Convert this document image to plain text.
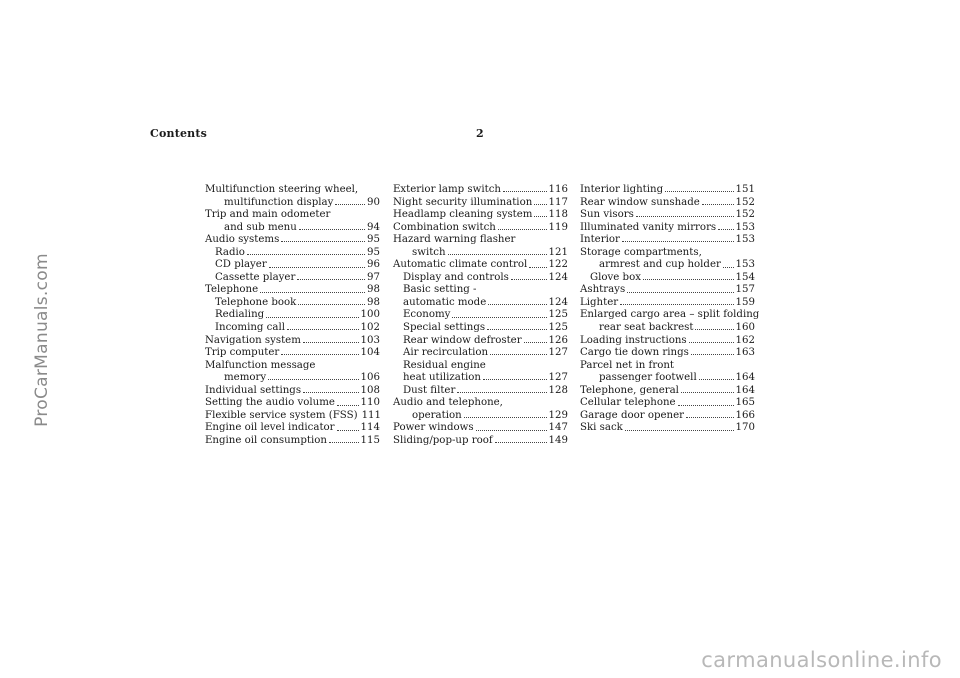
Contents	2
ProCarManuals.com
carmanualsonline.info
Multifunction steering wheel,
multifunction display	90
Trip and main odometer
and sub menu	94
Audio systems	95
Radio	95
CD player	96
Cassette player	97
Telephone	98
Telephone book	98
Redialing	100
Incoming call	102
Navigation system	103
Trip computer	104
Malfunction message
memory	106
Individual settings	108
Setting the audio volume	110
Flexible service system (FSS) 111
Engine oil level indicator	114
Engine oil consumption	115
Exterior lamp switch	116
Night security illumination 117
Headlamp cleaning system 118
Combination switch	119
Hazard warning flasher
switch	121
Automatic climate control 122
Display and controls	124
Basic setting -
automatic mode	124
Economy	125
Special settings	125
Rear window defroster	126
Air recirculation	127
Residual engine
heat utilization	127
Dust filter	128
Audio and telephone,
operation	129
Power windows	147
Sliding/pop-up roof	149
Interior lighting	151
Rear window sunshade	152
Sun visors	152
Illuminated vanity mirrors 153
Interior	153
Storage compartments,
armrest and cup holder 153
Glove box	154
Ashtrays	157
Lighter	159
Enlarged cargo area – split folding
rear seat backrest	160
Loading instructions	162
Cargo tie down rings	163
Parcel net in front
passenger footwell	164
Telephone, general	164
Cellular telephone	165
Garage door opener	166
Ski sack	170
